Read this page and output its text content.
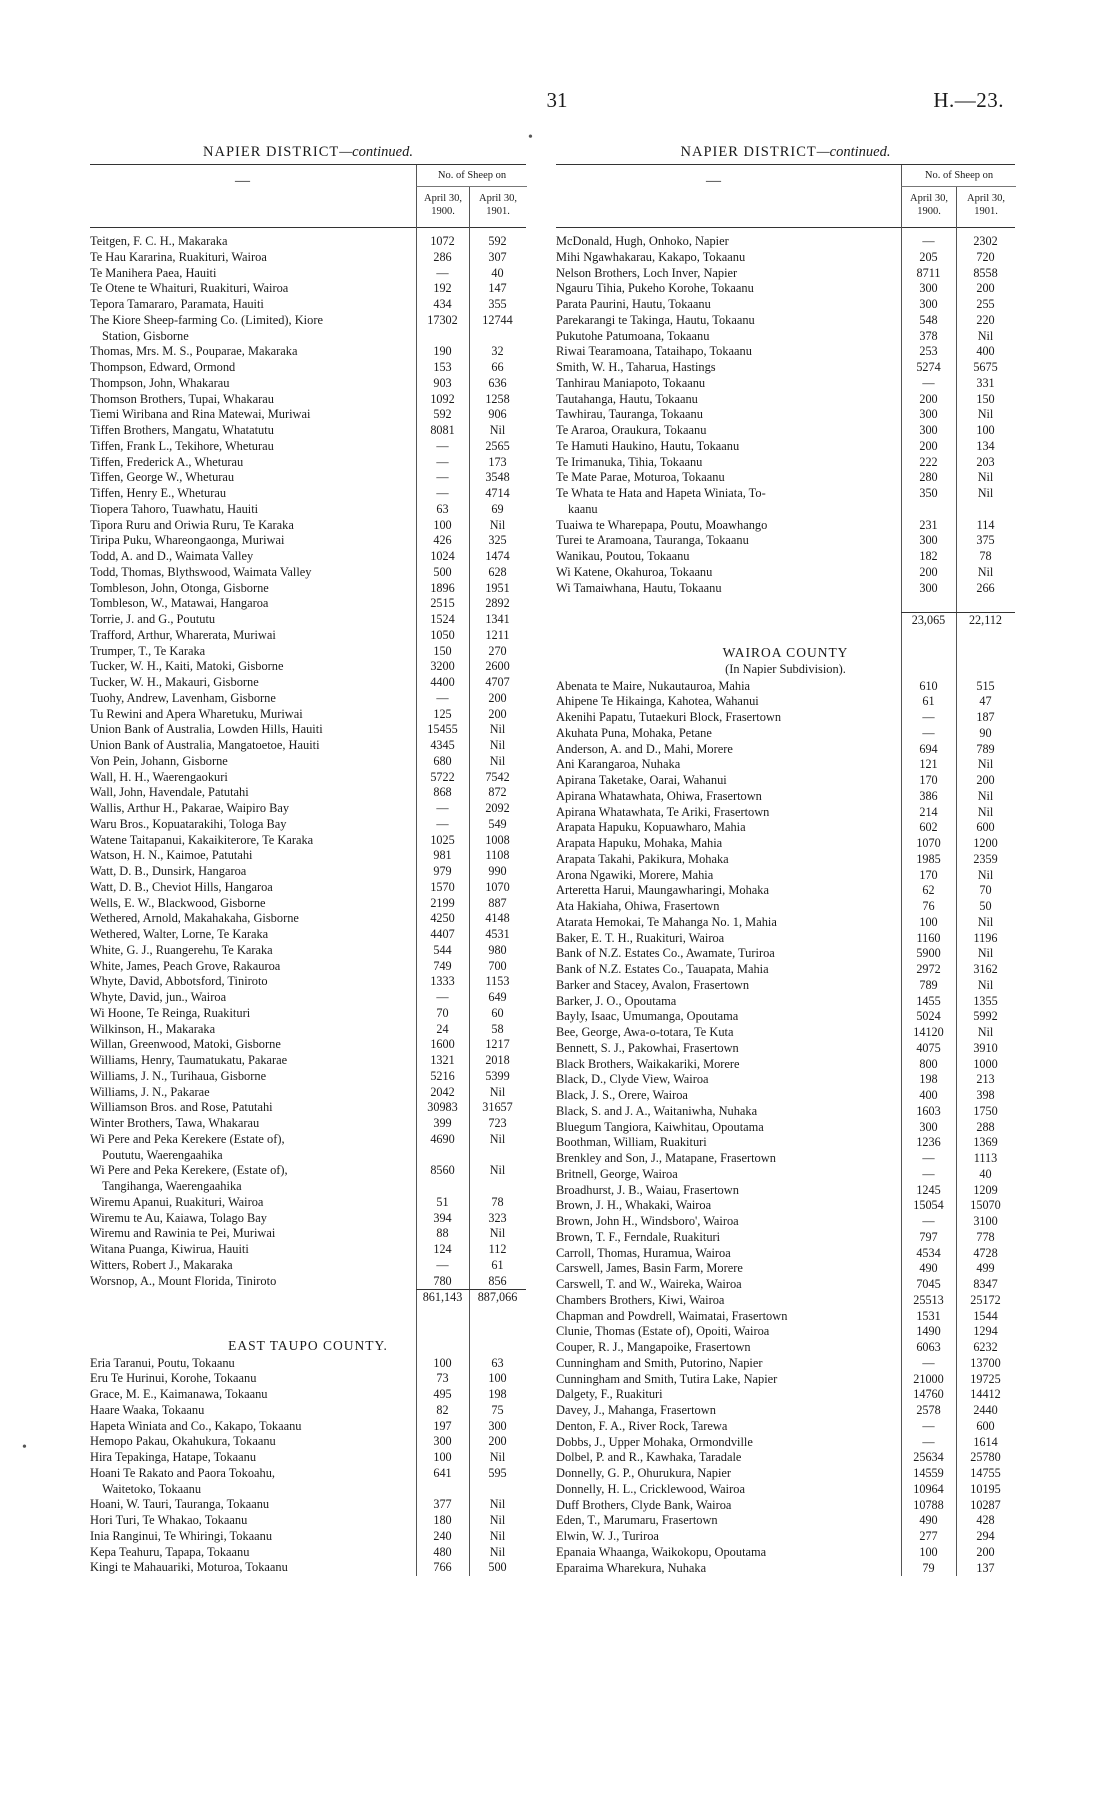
31	H.—23.
•
•
NAPIER DISTRICT—continued.
—	No. of Sheep on
April 30, 1900.
April 30, 1901.
Teitgen, F. C. H., Makaraka	1072	592
Te Hau Kararina, Ruakituri, Wairoa	286	307
Te Manihera Paea, Hauiti	—	40
Te Otene te Whaituri, Ruakituri, Wairoa	192	147
Tepora Tamararo, Paramata, Hauiti	434	355
The Kiore Sheep-farming Co. (Limited), Kiore	17302	12744
Station, Gisborne
Thomas, Mrs. M. S., Pouparae, Makaraka	190	32
Thompson, Edward, Ormond	153	66
Thompson, John, Whakarau	903	636
Thomson Brothers, Tupai, Whakarau	1092	1258
Tiemi Wiribana and Rina Matewai, Muriwai	592	906
Tiffen Brothers, Mangatu, Whatatutu	8081	Nil
Tiffen, Frank L., Tekihore, Wheturau	—	2565
Tiffen, Frederick A., Wheturau	—	173
Tiffen, George W., Wheturau	—	3548
Tiffen, Henry E., Wheturau	—	4714
Tiopera Tahoro, Tuawhatu, Hauiti	63	69
Tipora Ruru and Oriwia Ruru, Te Karaka	100	Nil
Tiripa Puku, Whareongaonga, Muriwai	426	325
Todd, A. and D., Waimata Valley	1024	1474
Todd, Thomas, Blythswood, Waimata Valley	500	628
Tombleson, John, Otonga, Gisborne	1896	1951
Tombleson, W., Matawai, Hangaroa	2515	2892
Torrie, J. and G., Poututu	1524	1341
Trafford, Arthur, Wharerata, Muriwai	1050	1211
Trumper, T., Te Karaka	150	270
Tucker, W. H., Kaiti, Matoki, Gisborne	3200	2600
Tucker, W. H., Makauri, Gisborne	4400	4707
Tuohy, Andrew, Lavenham, Gisborne	—	200
Tu Rewini and Apera Wharetuku, Muriwai	125	200
Union Bank of Australia, Lowden Hills, Hauiti	15455	Nil
Union Bank of Australia, Mangatoetoe, Hauiti	4345	Nil
Von Pein, Johann, Gisborne	680	Nil
Wall, H. H., Waerengaokuri	5722	7542
Wall, John, Havendale, Patutahi	868	872
Wallis, Arthur H., Pakarae, Waipiro Bay	—	2092
Waru Bros., Kopuatarakihi, Tologa Bay	—	549
Watene Taitapanui, Kakaikiterore, Te Karaka	1025	1008
Watson, H. N., Kaimoe, Patutahi	981	1108
Watt, D. B., Dunsirk, Hangaroa	979	990
Watt, D. B., Cheviot Hills, Hangaroa	1570	1070
Wells, E. W., Blackwood, Gisborne	2199	887
Wethered, Arnold, Makahakaha, Gisborne	4250	4148
Wethered, Walter, Lorne, Te Karaka	4407	4531
White, G. J., Ruangerehu, Te Karaka	544	980
White, James, Peach Grove, Rakauroa	749	700
Whyte, David, Abbotsford, Tiniroto	1333	1153
Whyte, David, jun., Wairoa	—	649
Wi Hoone, Te Reinga, Ruakituri	70	60
Wilkinson, H., Makaraka	24	58
Willan, Greenwood, Matoki, Gisborne	1600	1217
Williams, Henry, Taumatukatu, Pakarae	1321	2018
Williams, J. N., Turihaua, Gisborne	5216	5399
Williams, J. N., Pakarae	2042	Nil
Williamson Bros. and Rose, Patutahi	30983	31657
Winter Brothers, Tawa, Whakarau	399	723
Wi Pere and Peka Kerekere (Estate of),	4690	Nil
Poututu, Waerengaahika
Wi Pere and Peka Kerekere, (Estate of),	8560	Nil
Tangihanga, Waerengaahika
Wiremu Apanui, Ruakituri, Wairoa	51	78
Wiremu te Au, Kaiawa, Tolago Bay	394	323
Wiremu and Rawinia te Pei, Muriwai	88	Nil
Witana Puanga, Kiwirua, Hauiti	124	112
Witters, Robert J., Makaraka	—	61
Worsnop, A., Mount Florida, Tiniroto	780	856
861,143	887,066
EAST TAUPO COUNTY.
Eria Taranui, Poutu, Tokaanu	100	63
Eru Te Hurinui, Korohe, Tokaanu	73	100
Grace, M. E., Kaimanawa, Tokaanu	495	198
Haare Waaka, Tokaanu	82	75
Hapeta Winiata and Co., Kakapo, Tokaanu	197	300
Hemopo Pakau, Okahukura, Tokaanu	300	200
Hira Tepakinga, Hatape, Tokaanu	100	Nil
Hoani Te Rakato and Paora Tokoahu,	641	595
Waitetoko, Tokaanu
Hoani, W. Tauri, Tauranga, Tokaanu	377	Nil
Hori Turi, Te Whakao, Tokaanu	180	Nil
Inia Ranginui, Te Whiringi, Tokaanu	240	Nil
Kepa Teahuru, Tapapa, Tokaanu	480	Nil
Kingi te Mahauariki, Moturoa, Tokaanu	766	500
NAPIER DISTRICT—continued.
—	No. of Sheep on
April 30, 1900.
April 30, 1901.
McDonald, Hugh, Onhoko, Napier	—	2302
Mihi Ngawhakarau, Kakapo, Tokaanu	205	720
Nelson Brothers, Loch Inver, Napier	8711	8558
Ngauru Tihia, Pukeho Korohe, Tokaanu	300	200
Parata Paurini, Hautu, Tokaanu	300	255
Parekarangi te Takinga, Hautu, Tokaanu	548	220
Pukutohe Patumoana, Tokaanu	378	Nil
Riwai Tearamoana, Tataihapo, Tokaanu	253	400
Smith, W. H., Taharua, Hastings	5274	5675
Tanhirau Maniapoto, Tokaanu	—	331
Tautahanga, Hautu, Tokaanu	200	150
Tawhirau, Tauranga, Tokaanu	300	Nil
Te Araroa, Oraukura, Tokaanu	300	100
Te Hamuti Haukino, Hautu, Tokaanu	200	134
Te Irimanuka, Tihia, Tokaanu	222	203
Te Mate Parae, Moturoa, Tokaanu	280	Nil
Te Whata te Hata and Hapeta Winiata, To-	350	Nil
kaanu
Tuaiwa te Wharepapa, Poutu, Moawhango	231	114
Turei te Aramoana, Tauranga, Tokaanu	300	375
Wanikau, Poutou, Tokaanu	182	78
Wi Katene, Okahuroa, Tokaanu	200	Nil
Wi Tamaiwhana, Hautu, Tokaanu	300	266
23,065	22,112
WAIROA COUNTY
(In Napier Subdivision).
Abenata te Maire, Nukautauroa, Mahia	610	515
Ahipene Te Hikainga, Kahotea, Wahanui	61	47
Akenihi Papatu, Tutaekuri Block, Frasertown	—	187
Akuhata Puna, Mohaka, Petane	—	90
Anderson, A. and D., Mahi, Morere	694	789
Ani Karangaroa, Nuhaka	121	Nil
Apirana Taketake, Oarai, Wahanui	170	200
Apirana Whatawhata, Ohiwa, Frasertown	386	Nil
Apirana Whatawhata, Te Ariki, Frasertown	214	Nil
Arapata Hapuku, Kopuawharo, Mahia	602	600
Arapata Hapuku, Mohaka, Mahia	1070	1200
Arapata Takahi, Pakikura, Mohaka	1985	2359
Arona Ngawiki, Morere, Mahia	170	Nil
Arteretta Harui, Maungawharingi, Mohaka	62	70
Ata Hakiaha, Ohiwa, Frasertown	76	50
Atarata Hemokai, Te Mahanga No. 1, Mahia	100	Nil
Baker, E. T. H., Ruakituri, Wairoa	1160	1196
Bank of N.Z. Estates Co., Awamate, Turiroa	5900	Nil
Bank of N.Z. Estates Co., Tauapata, Mahia	2972	3162
Barker and Stacey, Avalon, Frasertown	789	Nil
Barker, J. O., Opoutama	1455	1355
Bayly, Isaac, Umumanga, Opoutama	5024	5992
Bee, George, Awa-o-totara, Te Kuta	14120	Nil
Bennett, S. J., Pakowhai, Frasertown	4075	3910
Black Brothers, Waikakariki, Morere	800	1000
Black, D., Clyde View, Wairoa	198	213
Black, J. S., Orere, Wairoa	400	398
Black, S. and J. A., Waitaniwha, Nuhaka	1603	1750
Bluegum Tangiora, Kaiwhitau, Opoutama	300	288
Boothman, William, Ruakituri	1236	1369
Brenkley and Son, J., Matapane, Frasertown	—	1113
Britnell, George, Wairoa	—	40
Broadhurst, J. B., Waiau, Frasertown	1245	1209
Brown, J. H., Whakaki, Wairoa	15054	15070
Brown, John H., Windsboro', Wairoa	—	3100
Brown, T. F., Ferndale, Ruakituri	797	778
Carroll, Thomas, Huramua, Wairoa	4534	4728
Carswell, James, Basin Farm, Morere	490	499
Carswell, T. and W., Waireka, Wairoa	7045	8347
Chambers Brothers, Kiwi, Wairoa	25513	25172
Chapman and Powdrell, Waimatai, Frasertown	1531	1544
Clunie, Thomas (Estate of), Opoiti, Wairoa	1490	1294
Couper, R. J., Mangapoike, Frasertown	6063	6232
Cunningham and Smith, Putorino, Napier	—	13700
Cunningham and Smith, Tutira Lake, Napier	21000	19725
Dalgety, F., Ruakituri	14760	14412
Davey, J., Mahanga, Frasertown	2578	2440
Denton, F. A., River Rock, Tarewa	—	600
Dobbs, J., Upper Mohaka, Ormondville	—	1614
Dolbel, P. and R., Kawhaka, Taradale	25634	25780
Donnelly, G. P., Ohurukura, Napier	14559	14755
Donnelly, H. L., Cricklewood, Wairoa	10964	10195
Duff Brothers, Clyde Bank, Wairoa	10788	10287
Eden, T., Marumaru, Frasertown	490	428
Elwin, W. J., Turiroa	277	294
Epanaia Whaanga, Waikokopu, Opoutama	100	200
Eparaima Wharekura, Nuhaka	79	137
